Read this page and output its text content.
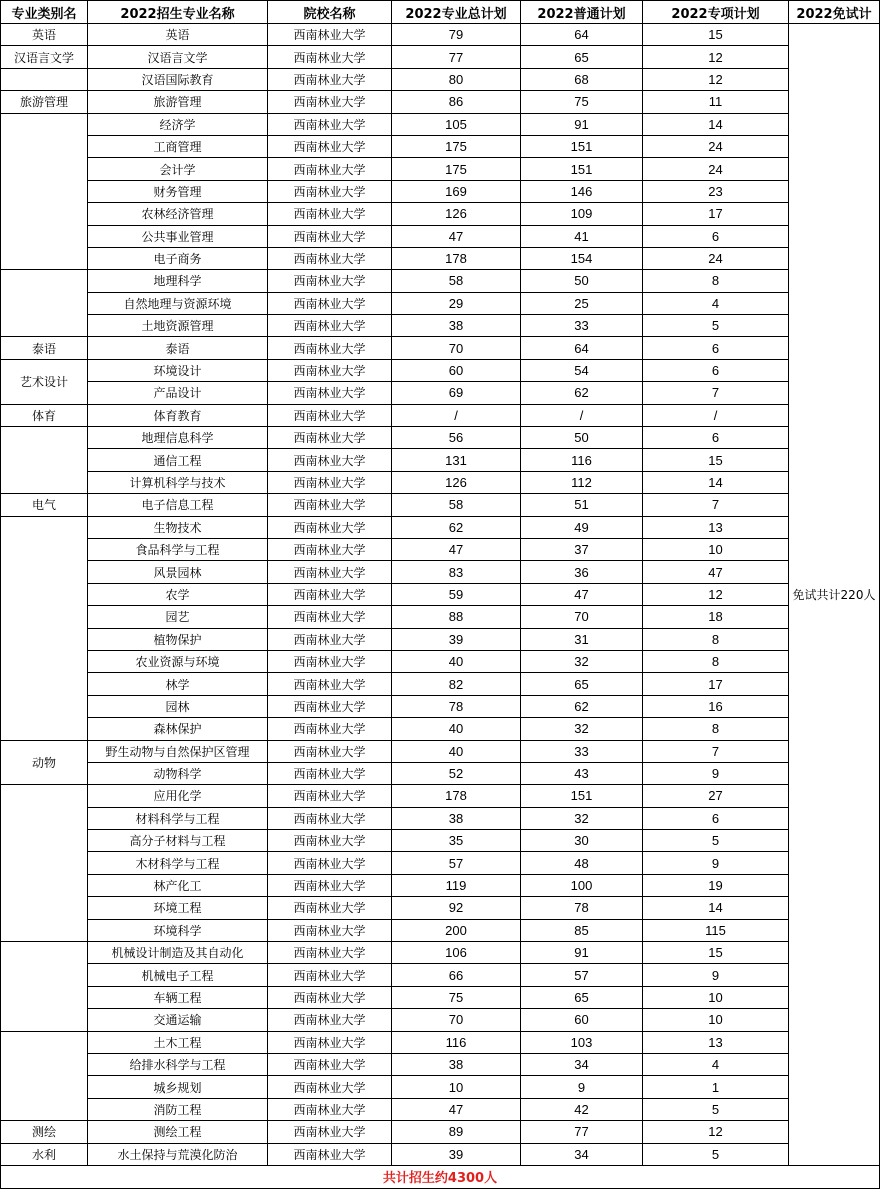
专业类别名	2022招生专业名称	院校名称	2022专业总计划	2022普通计划	2022专项计划	2022免试计
英语	英语	西南林业大学	79	64	15	免试共计220人
汉语言文学	汉语言文学	西南林业大学	77	65	12	
	汉语国际教育	西南林业大学	80	68	12	
旅游管理	旅游管理	西南林业大学	86	75	11	
	经济学	西南林业大学	105	91	14	
	工商管理	西南林业大学	175	151	24	
	会计学	西南林业大学	175	151	24	
	财务管理	西南林业大学	169	146	23	
	农林经济管理	西南林业大学	126	109	17	
	公共事业管理	西南林业大学	47	41	6	
	电子商务	西南林业大学	178	154	24	
	地理科学	西南林业大学	58	50	8	
	自然地理与资源环境	西南林业大学	29	25	4	
	土地资源管理	西南林业大学	38	33	5	
泰语	泰语	西南林业大学	70	64	6	
艺术设计	环境设计	西南林业大学	60	54	6	
	产品设计	西南林业大学	69	62	7	
体育	体育教育	西南林业大学	/	/	/	
	地理信息科学	西南林业大学	56	50	6	
	通信工程	西南林业大学	131	116	15	
	计算机科学与技术	西南林业大学	126	112	14	
电气	电子信息工程	西南林业大学	58	51	7	
	生物技术	西南林业大学	62	49	13	
	食品科学与工程	西南林业大学	47	37	10	
	风景园林	西南林业大学	83	36	47	
	农学	西南林业大学	59	47	12	
	园艺	西南林业大学	88	70	18	
	植物保护	西南林业大学	39	31	8	
	农业资源与环境	西南林业大学	40	32	8	
	林学	西南林业大学	82	65	17	
	园林	西南林业大学	78	62	16	
	森林保护	西南林业大学	40	32	8	
动物	野生动物与自然保护区管理	西南林业大学	40	33	7	
	动物科学	西南林业大学	52	43	9	
	应用化学	西南林业大学	178	151	27	
	材料科学与工程	西南林业大学	38	32	6	
	高分子材料与工程	西南林业大学	35	30	5	
	木材科学与工程	西南林业大学	57	48	9	
	林产化工	西南林业大学	119	100	19	
	环境工程	西南林业大学	92	78	14	
	环境科学	西南林业大学	200	85	115	
	机械设计制造及其自动化	西南林业大学	106	91	15	
	机械电子工程	西南林业大学	66	57	9	
	车辆工程	西南林业大学	75	65	10	
	交通运输	西南林业大学	70	60	10	
	土木工程	西南林业大学	116	103	13	
	给排水科学与工程	西南林业大学	38	34	4	
	城乡规划	西南林业大学	10	9	1	
	消防工程	西南林业大学	47	42	5	
测绘	测绘工程	西南林业大学	89	77	12	
水利	水土保持与荒漠化防治	西南林业大学	39	34	5	
共计招生约4300人						
